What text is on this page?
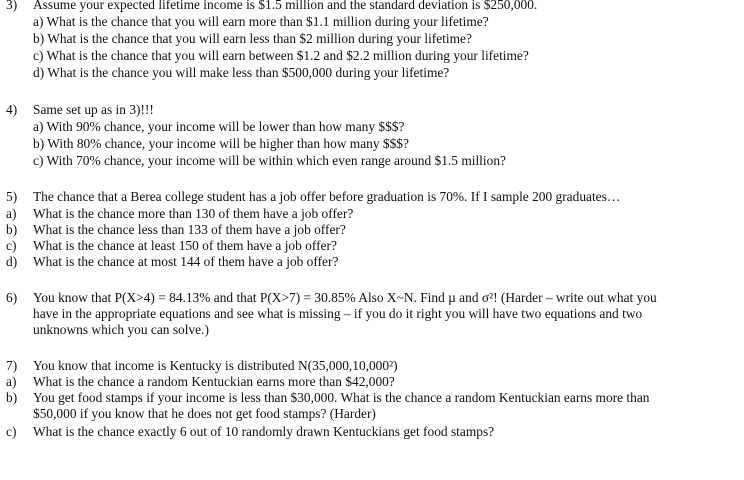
3) Assume your expected lifetime income is $1.5 million and the standard deviation is $250,000.
a) What is the chance that you will earn more than $1.1 million during your lifetime?
b) What is the chance that you will earn less than $2 million during your lifetime?
c) What is the chance that you will earn between $1.2 and $2.2 million during your lifetime?
d) What is the chance you will make less than $500,000 during your lifetime?
4) Same set up as in 3)!!!
a) With 90% chance, your income will be lower than how many $$$?
b) With 80% chance, your income will be higher than how many $$$?
c) With 70% chance, your income will be within which even range around $1.5 million?
5) The chance that a Berea college student has a job offer before graduation is 70%. If I sample 200 graduates…
a) What is the chance more than 130 of them have a job offer?
b) What is the chance less than 133 of them have a job offer?
c) What is the chance at least 150 of them have a job offer?
d) What is the chance at most 144 of them have a job offer?
6) You know that P(X>4) = 84.13% and that P(X>7) = 30.85% Also X~N. Find µ and σ²! (Harder – write out what you
have in the appropriate equations and see what is missing – if you do it right you will have two equations and two
unknowns which you can solve.)
7) You know that income is Kentucky is distributed N(35,000,10,000²)
a) What is the chance a random Kentuckian earns more than $42,000?
b) You get food stamps if your income is less than $30,000. What is the chance a random Kentuckian earns more than
$50,000 if you know that he does not get food stamps? (Harder)
c) What is the chance exactly 6 out of 10 randomly drawn Kentuckians get food stamps?
